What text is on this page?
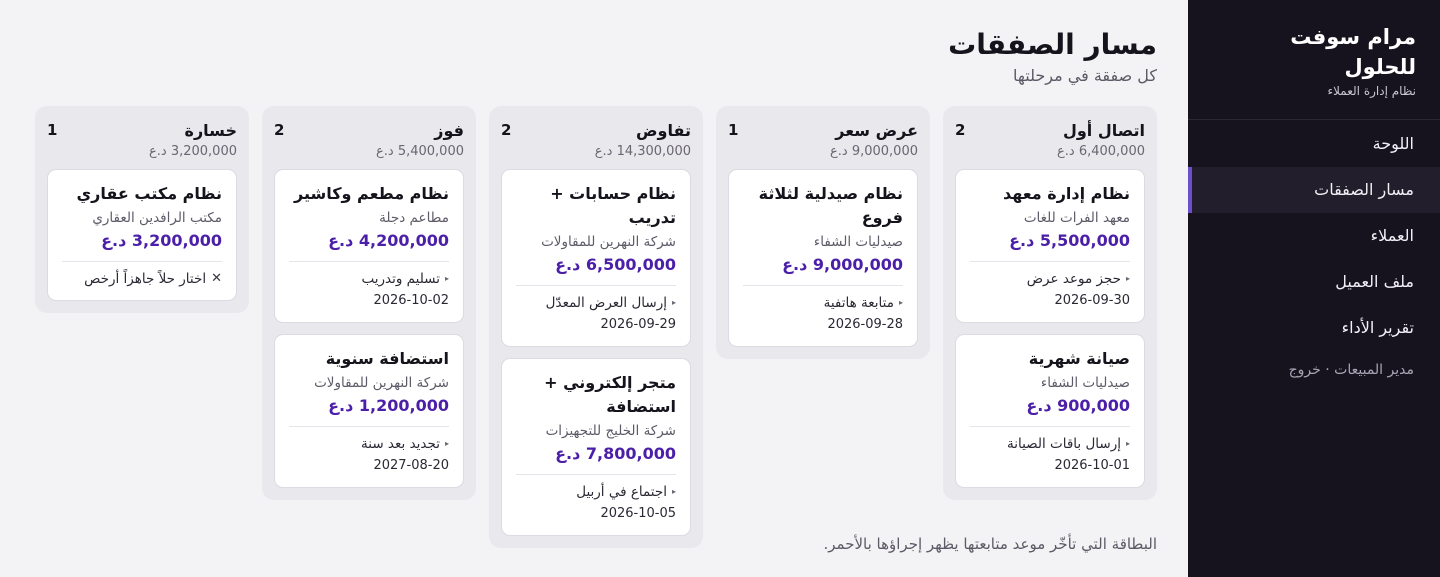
مرام سوفت للحلول
نظام إدارة العملاء
اللوحة
مسار الصفقات
العملاء
ملف العميل
تقرير الأداء
مدير المبيعات · خروج
مسار الصفقات
كل صفقة في مرحلتها
اتصال أول
2
6,400,000 د.ع
نظام إدارة معهد
معهد الفرات للغات
5,500,000 د.ع
▸
حجز موعد عرض
2026-09-30
صيانة شهرية
صيدليات الشفاء
900,000 د.ع
▸
إرسال باقات الصيانة
2026-10-01
عرض سعر
1
9,000,000 د.ع
نظام صيدلية لثلاثة فروع
صيدليات الشفاء
9,000,000 د.ع
▸
متابعة هاتفية
2026-09-28
تفاوض
2
14,300,000 د.ع
نظام حسابات + تدريب
شركة النهرين للمقاولات
6,500,000 د.ع
▸
إرسال العرض المعدّل
2026-09-29
متجر إلكتروني + استضافة
شركة الخليج للتجهيزات
7,800,000 د.ع
▸
اجتماع في أربيل
2026-10-05
فوز
2
5,400,000 د.ع
نظام مطعم وكاشير
مطاعم دجلة
4,200,000 د.ع
▸
تسليم وتدريب
2026-10-02
استضافة سنوية
شركة النهرين للمقاولات
1,200,000 د.ع
▸
تجديد بعد سنة
2027-08-20
خسارة
1
3,200,000 د.ع
نظام مكتب عقاري
مكتب الرافدين العقاري
3,200,000 د.ع
✕
اختار حلاً جاهزاً أرخص
البطاقة التي تأخّر موعد متابعتها يظهر إجراؤها بالأحمر.
